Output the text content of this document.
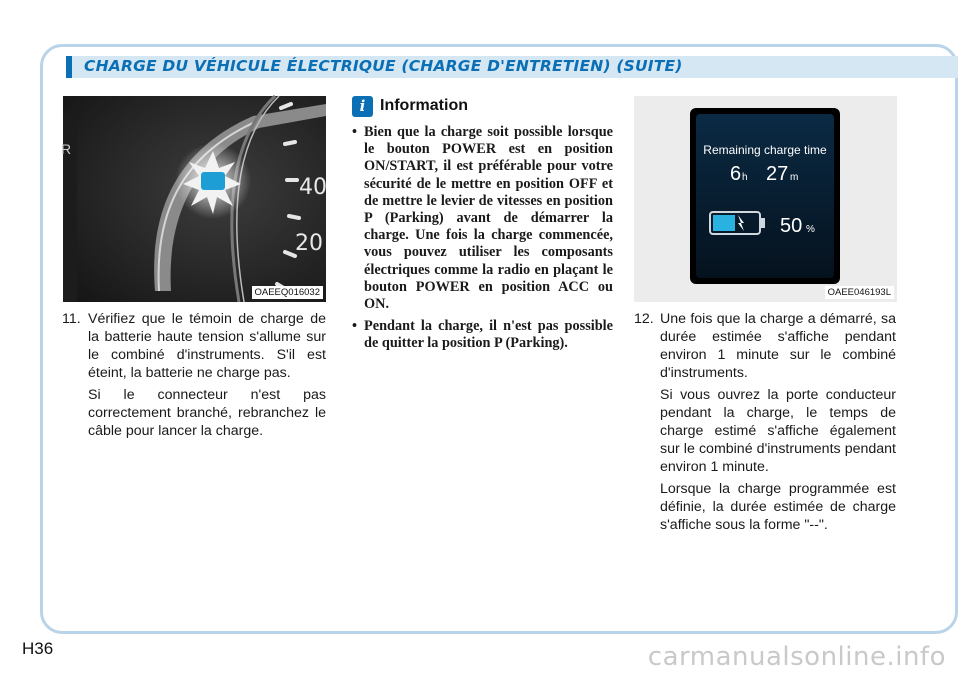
CHARGE DU VÉHICULE ÉLECTRIQUE (CHARGE D'ENTRETIEN) (SUITE)
R
40
20
OAEEQ016032

11. Vérifiez que le témoin de charge de la batterie haute tension s'allume sur le combiné d'instruments. S'il est éteint, la batterie ne charge pas.

Si le connecteur n'est pas correctement branché, rebranchez le câble pour lancer la charge.

i Information
• Bien que la charge soit possible lorsque le bouton POWER est en position ON/START, il est préférable pour votre sécurité de le mettre en position OFF et de mettre le levier de vitesses en position P (Parking) avant de démarrer la charge. Une fois la charge commencée, vous pouvez utiliser les composants électriques comme la radio en plaçant le bouton POWER en position ACC ou ON.
• Pendant la charge, il n'est pas possible de quitter la position P (Parking).
Remaining charge time
6 h 27 m
50 %
OAEE046193L

12. Une fois que la charge a démarré, sa durée estimée s'affiche pendant environ 1 minute sur le combiné d'instruments.

Si vous ouvrez la porte conducteur pendant la charge, le temps de charge estimé s'affiche également sur le combiné d'instruments pendant environ 1 minute.

Lorsque la charge programmée est définie, la durée estimée de charge s'affiche sous la forme "--".

H36	carmanualsonline.info
